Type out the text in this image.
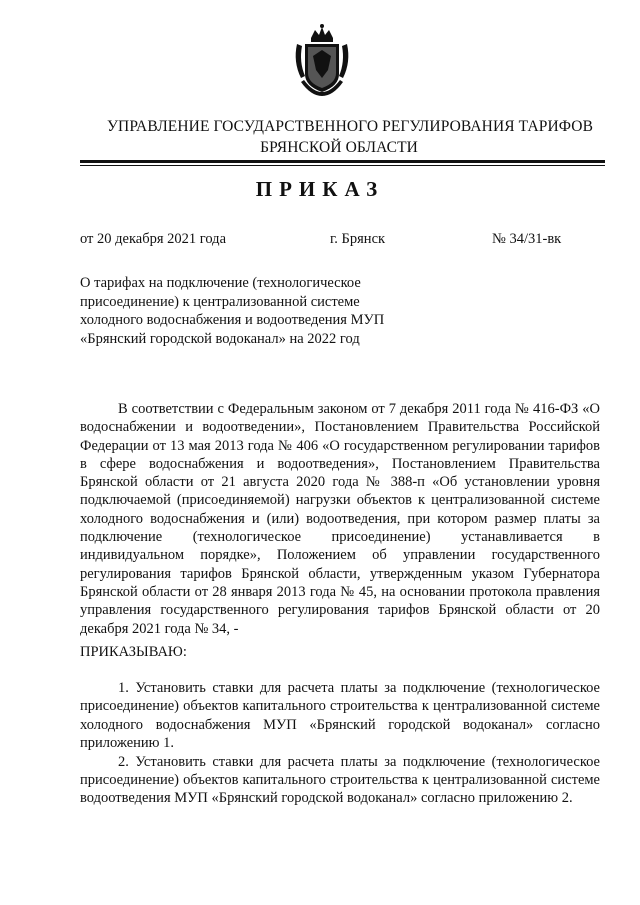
УПРАВЛЕНИЕ ГОСУДАРСТВЕННОГО РЕГУЛИРОВАНИЯ ТАРИФОВ
БРЯНСКОЙ ОБЛАСТИ
ПРИКАЗ
от 20 декабря 2021 года	г. Брянск	№ 34/31-вк
О тарифах на подключение (технологическое
присоединение) к централизованной системе
холодного водоснабжения и водоотведения МУП
«Брянский городской водоканал» на 2022 год

В соответствии с Федеральным законом от 7 декабря 2011 года № 416-ФЗ «О водоснабжении и водоотведении», Постановлением Правительства Российской Федерации от 13 мая 2013 года № 406 «О государственном регулировании тарифов в сфере водоснабжения и водоотведения», Постановлением Правительства Брянской области от 21 августа 2020 года № 388-п «Об установлении уровня подключаемой (присоединяемой) нагрузки объектов к централизованной системе холодного водоснабжения и (или) водоотведения, при котором размер платы за подключение (технологическое присоединение) устанавливается в индивидуальном порядке», Положением об управлении государственного регулирования тарифов Брянской области, утвержденным указом Губернатора Брянской области от 28 января 2013 года № 45, на основании протокола правления управления государственного регулирования тарифов Брянской области от 20 декабря 2021 года № 34, -

ПРИКАЗЫВАЮ:

1. Установить ставки для расчета платы за подключение (технологическое присоединение) объектов капитального строительства к централизованной системе холодного водоснабжения МУП «Брянский городской водоканал» согласно приложению 1.

2. Установить ставки для расчета платы за подключение (технологическое присоединение) объектов капитального строительства к централизованной системе водоотведения МУП «Брянский городской водоканал» согласно приложению 2.
